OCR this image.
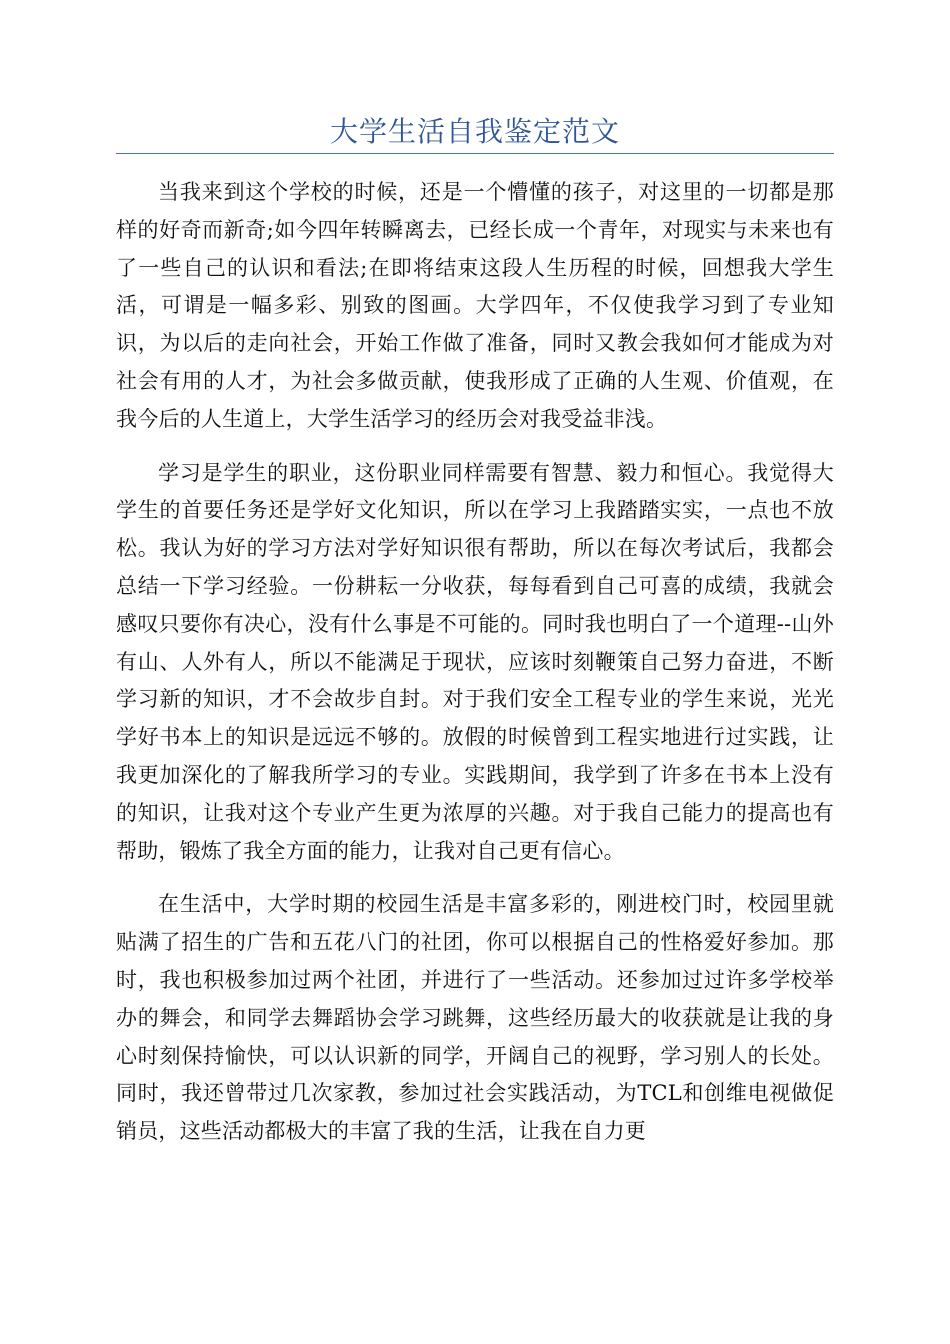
大学生活自我鉴定范文

当我来到这个学校的时候，还是一个懵懂的孩子，对这里的一切都是那样的好奇而新奇;如今四年转瞬离去，已经长成一个青年，对现实与未来也有了一些自己的认识和看法;在即将结束这段人生历程的时候，回想我大学生活，可谓是一幅多彩、别致的图画。大学四年，不仅使我学习到了专业知识，为以后的走向社会，开始工作做了准备，同时又教会我如何才能成为对社会有用的人才，为社会多做贡献，使我形成了正确的人生观、价值观，在我今后的人生道上，大学生活学习的经历会对我受益非浅。

学习是学生的职业，这份职业同样需要有智慧、毅力和恒心。我觉得大学生的首要任务还是学好文化知识，所以在学习上我踏踏实实，一点也不放松。我认为好的学习方法对学好知识很有帮助，所以在每次考试后，我都会总结一下学习经验。一份耕耘一分收获，每每看到自己可喜的成绩，我就会感叹只要你有决心，没有什么事是不可能的。同时我也明白了一个道理--山外有山、人外有人，所以不能满足于现状，应该时刻鞭策自己努力奋进，不断学习新的知识，才不会故步自封。对于我们安全工程专业的学生来说，光光学好书本上的知识是远远不够的。放假的时候曾到工程实地进行过实践，让我更加深化的了解我所学习的专业。实践期间，我学到了许多在书本上没有的知识，让我对这个专业产生更为浓厚的兴趣。对于我自己能力的提高也有帮助，锻炼了我全方面的能力，让我对自己更有信心。

在生活中，大学时期的校园生活是丰富多彩的，刚进校门时，校园里就贴满了招生的广告和五花八门的社团，你可以根据自己的性格爱好参加。那时，我也积极参加过两个社团，并进行了一些活动。还参加过过许多学校举办的舞会，和同学去舞蹈协会学习跳舞，这些经历最大的收获就是让我的身心时刻保持愉快，可以认识新的同学，开阔自己的视野，学习别人的长处。同时，我还曾带过几次家教，参加过社会实践活动，为TCL和创维电视做促销员，这些活动都极大的丰富了我的生活，让我在自力更
